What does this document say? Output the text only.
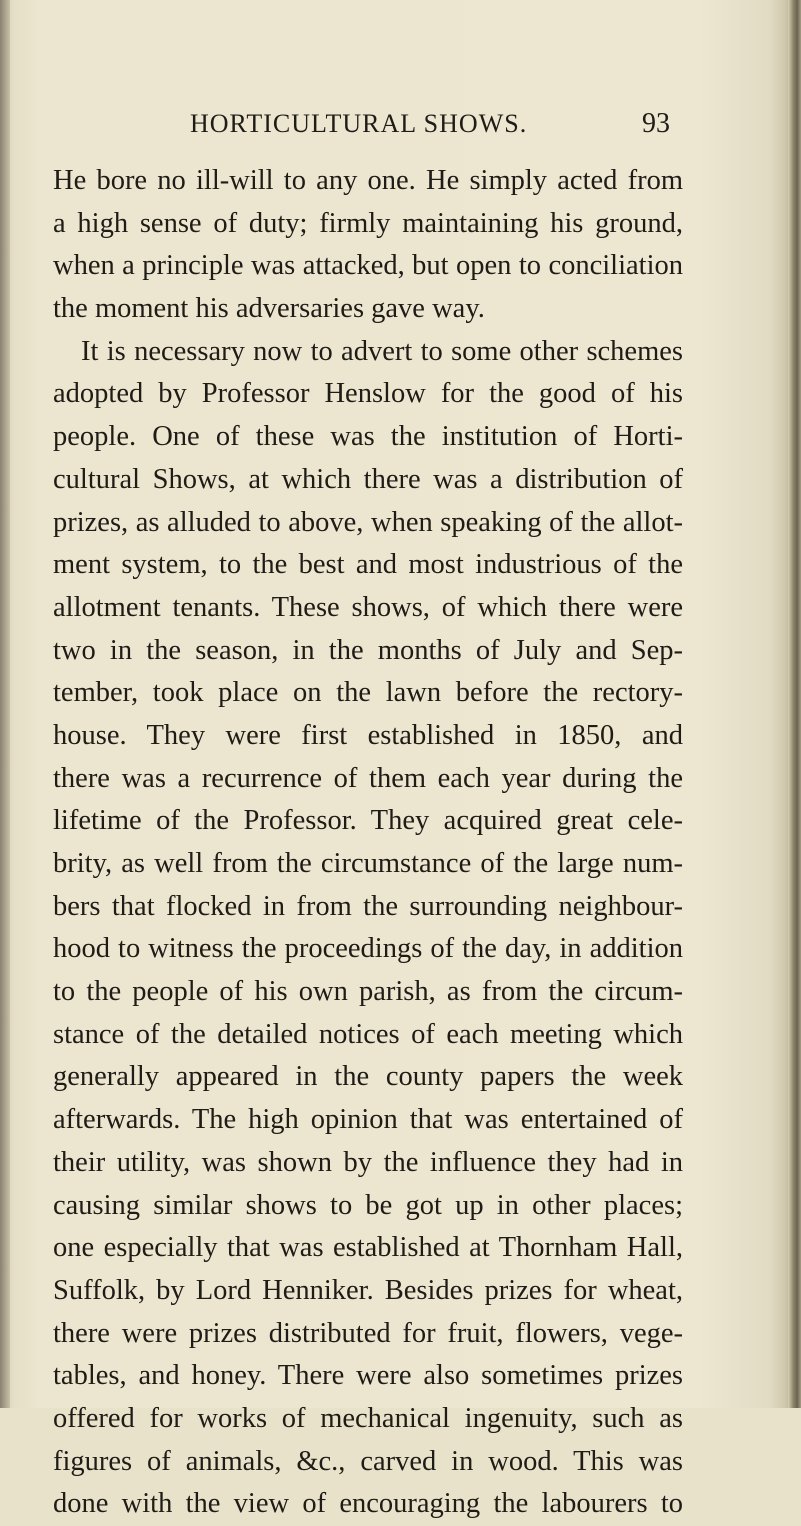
HORTICULTURAL SHOWS.	93
He bore no ill-will to any one. He simply acted from
a high sense of duty; firmly maintaining his ground,
when a principle was attacked, but open to conciliation
the moment his adversaries gave way.
It is necessary now to advert to some other schemes
adopted by Professor Henslow for the good of his
people. One of these was the institution of Horti-
cultural Shows, at which there was a distribution of
prizes, as alluded to above, when speaking of the allot-
ment system, to the best and most industrious of the
allotment tenants. These shows, of which there were
two in the season, in the months of July and Sep-
tember, took place on the lawn before the rectory-
house. They were first established in 1850, and
there was a recurrence of them each year during the
lifetime of the Professor. They acquired great cele-
brity, as well from the circumstance of the large num-
bers that flocked in from the surrounding neighbour-
hood to witness the proceedings of the day, in addition
to the people of his own parish, as from the circum-
stance of the detailed notices of each meeting which
generally appeared in the county papers the week
afterwards. The high opinion that was entertained of
their utility, was shown by the influence they had in
causing similar shows to be got up in other places;
one especially that was established at Thornham Hall,
Suffolk, by Lord Henniker. Besides prizes for wheat,
there were prizes distributed for fruit, flowers, vege-
tables, and honey. There were also sometimes prizes
offered for works of mechanical ingenuity, such as
figures of animals, &c., carved in wood. This was
done with the view of encouraging the labourers to
